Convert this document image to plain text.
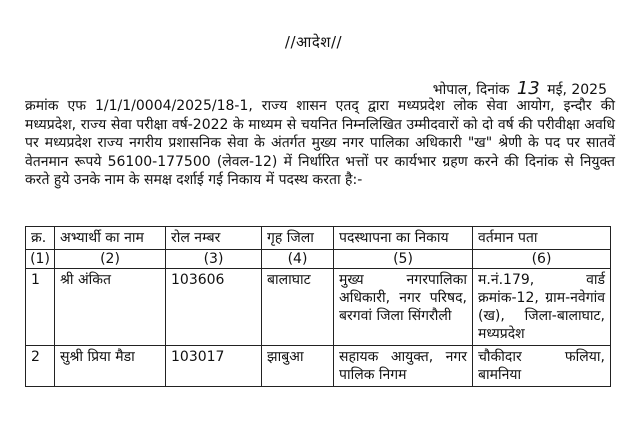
//आदेश//
भोपाल, दिनांक 13 मई, 2025
क्रमांक एफ 1/1/1/0004/2025/18-1, राज्य शासन एतद् द्वारा मध्यप्रदेश लोक सेवा आयोग, इन्दौर की मध्यप्रदेश, राज्य सेवा परीक्षा वर्ष-2022 के माध्यम से चयनित निम्नलिखित उम्मीदवारों को दो वर्ष की परीवीक्षा अवधि पर मध्यप्रदेश राज्य नगरीय प्रशासनिक सेवा के अंतर्गत मुख्य नगर पालिका अधिकारी "ख" श्रेणी के पद पर सातवें वेतनमान रूपये 56100-177500 (लेवल-12) में निर्धारित भत्तों पर कार्यभार ग्रहण करने की दिनांक से नियुक्त करते हुये उनके नाम के समक्ष दर्शाई गई निकाय में पदस्थ करता है:-
क्र.	अभ्यार्थी का नाम	रोल नम्बर	गृह जिला	पदस्थापना का निकाय	वर्तमान पता
(1)	(2)	(3)	(4)	(5)	(6)
1	श्री अंकित	103606	बालाघाट	मुख्य नगरपालिका अधिकारी, नगर परिषद, बरगवां जिला सिंगरौली	म.नं.179, वार्ड क्रमांक-12, ग्राम-नवेगांव (ख), जिला-बालाघाट, मध्यप्रदेश
2	सुश्री प्रिया मैडा	103017	झाबुआ	सहायक आयुक्त, नगर पालिक निगम	चौकीदार फलिया, बामनिया
